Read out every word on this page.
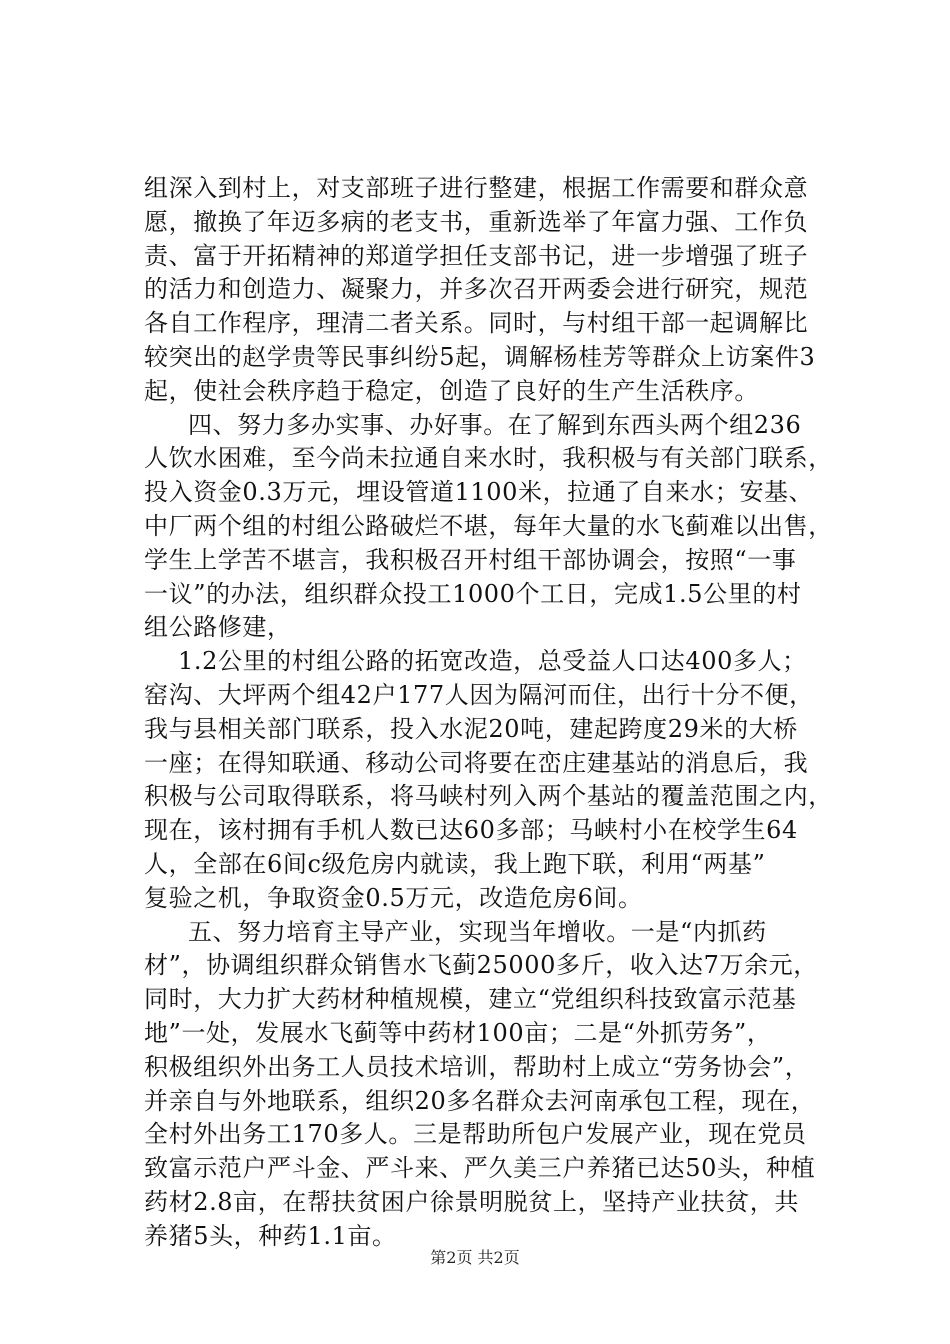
组深入到村上，对支部班子进行整建，根据工作需要和群众意
愿，撤换了年迈多病的老支书，重新选举了年富力强、工作负
责、富于开拓精神的郑道学担任支部书记，进一步增强了班子
的活力和创造力、凝聚力，并多次召开两委会进行研究，规范
各自工作程序，理清二者关系。同时，与村组干部一起调解比
较突出的赵学贵等民事纠纷5起，调解杨桂芳等群众上访案件3
起，使社会秩序趋于稳定，创造了良好的生产生活秩序。
四、努力多办实事、办好事。在了解到东西头两个组236
人饮水困难，至今尚未拉通自来水时，我积极与有关部门联系，
投入资金0.3万元，埋设管道1100米，拉通了自来水；安基、
中厂两个组的村组公路破烂不堪，每年大量的水飞蓟难以出售，
学生上学苦不堪言，我积极召开村组干部协调会，按照“一事
一议”的办法，组织群众投工1000个工日，完成1.5公里的村
组公路修建，
1.2公里的村组公路的拓宽改造，总受益人口达400多人；
窑沟、大坪两个组42户177人因为隔河而住，出行十分不便，
我与县相关部门联系，投入水泥20吨，建起跨度29米的大桥
一座；在得知联通、移动公司将要在峦庄建基站的消息后，我
积极与公司取得联系，将马峡村列入两个基站的覆盖范围之内，
现在，该村拥有手机人数已达60多部；马峡村小在校学生64
人，全部在6间c级危房内就读，我上跑下联，利用“两基”
复验之机，争取资金0.5万元，改造危房6间。
五、努力培育主导产业，实现当年增收。一是“内抓药
材”，协调组织群众销售水飞蓟25000多斤，收入达7万余元，
同时，大力扩大药材种植规模，建立“党组织科技致富示范基
地”一处，发展水飞蓟等中药材100亩；二是“外抓劳务”，
积极组织外出务工人员技术培训，帮助村上成立“劳务协会”，
并亲自与外地联系，组织20多名群众去河南承包工程，现在，
全村外出务工170多人。三是帮助所包户发展产业，现在党员
致富示范户严斗金、严斗来、严久美三户养猪已达50头，种植
药材2.8亩，在帮扶贫困户徐景明脱贫上，坚持产业扶贫，共
养猪5头，种药1.1亩。
第2页 共2页
